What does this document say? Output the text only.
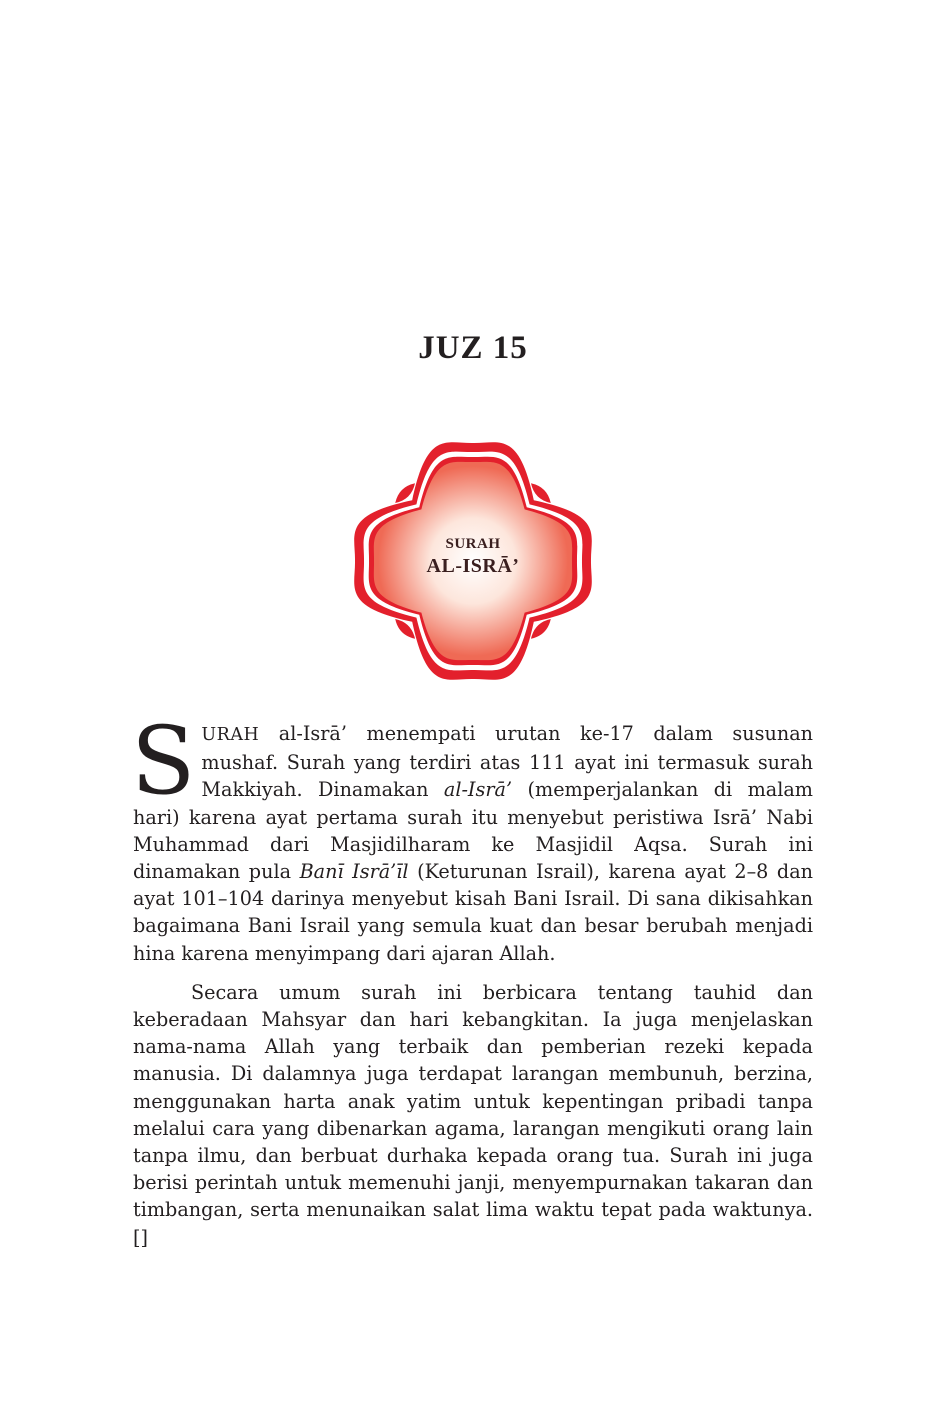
JUZ 15
SURAH
AL-ISRĀ’

SURAH al-Isrā’ menempati urutan ke-17 dalam susunan mushaf. Surah yang terdiri atas 111 ayat ini termasuk surah Makkiyah. Dinamakan al-Isrā’ (memperjalankan di malam hari) karena ayat pertama surah itu menyebut peristiwa Isrā’ Nabi Muhammad dari Masjidilharam ke Masjidil Aqsa. Surah ini dinamakan pula Banī Isrā’īl (Keturunan Israil), karena ayat 2–8 dan ayat 101–104 darinya menyebut kisah Bani Israil. Di sana dikisahkan bagaimana Bani Israil yang semula kuat dan besar berubah menjadi hina karena menyimpang dari ajaran Allah.

Secara umum surah ini berbicara tentang tauhid dan keberadaan Mahsyar dan hari kebangkitan. Ia juga menjelaskan nama-nama Allah yang terbaik dan pemberian rezeki kepada manusia. Di dalamnya juga terdapat larangan membunuh, berzina, menggunakan harta anak yatim untuk kepentingan pribadi tanpa melalui cara yang dibenarkan agama, larangan mengikuti orang lain tanpa ilmu, dan berbuat durhaka kepada orang tua. Surah ini juga berisi perintah untuk memenuhi janji, menyempurnakan takaran dan timbangan, serta menunaikan salat lima waktu tepat pada waktunya. []
